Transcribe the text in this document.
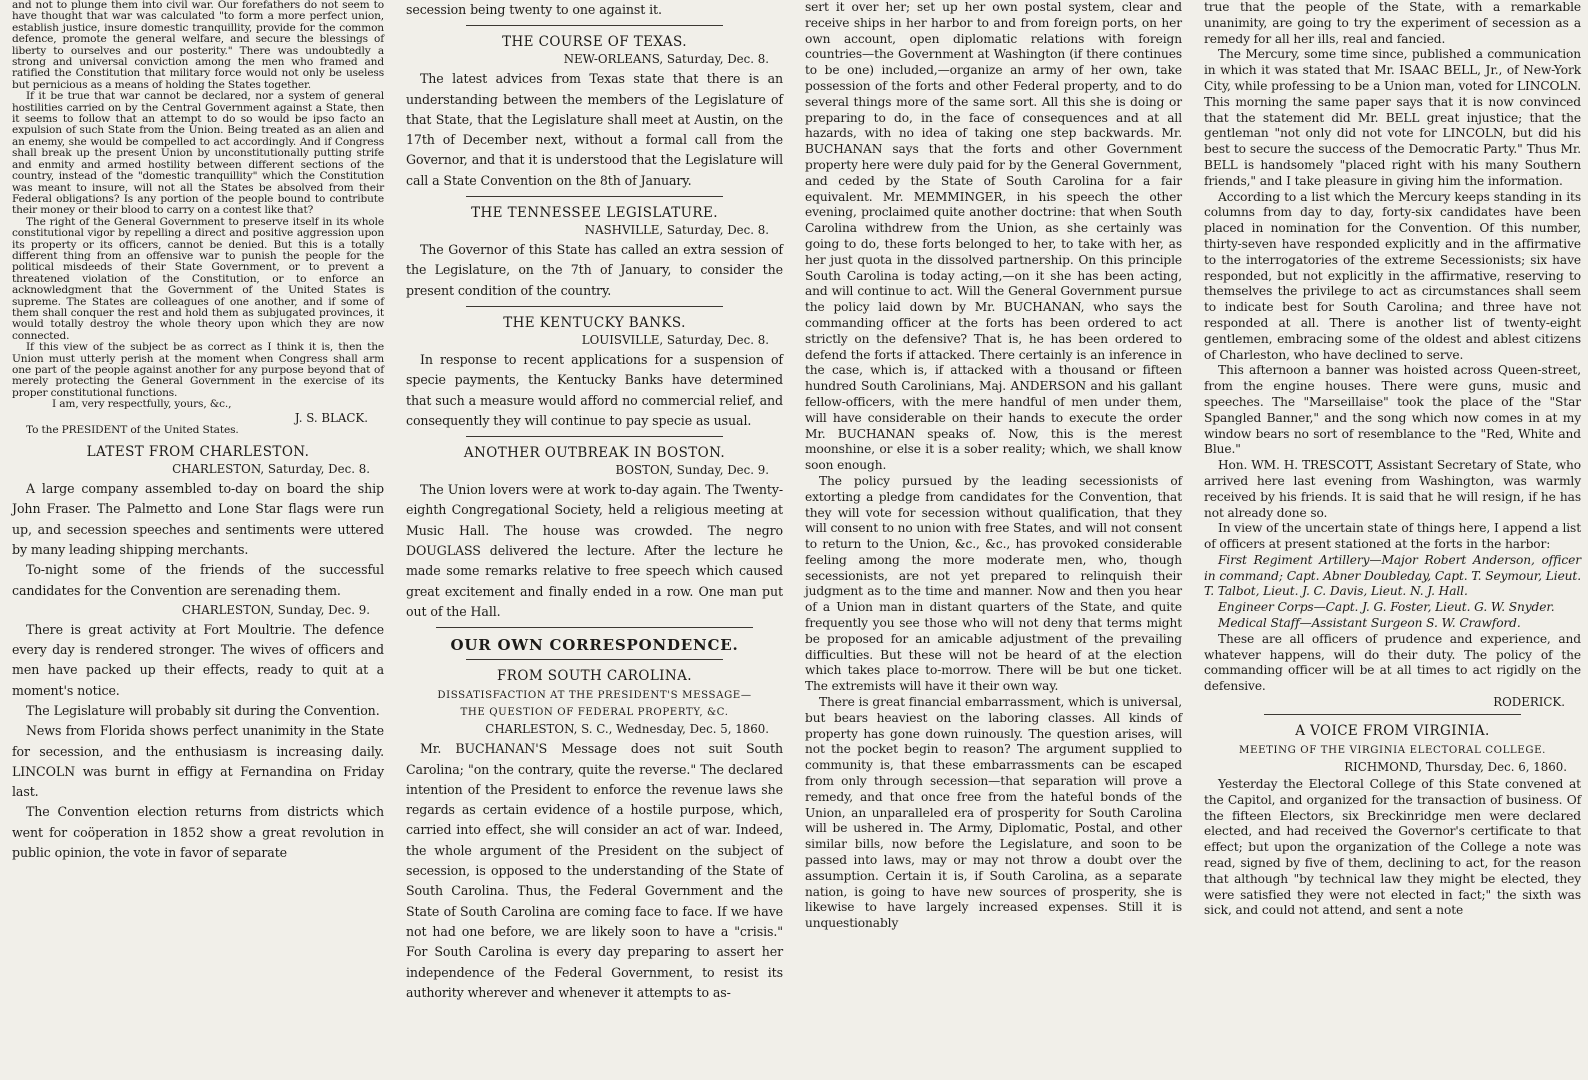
and not to plunge them into civil war. Our forefathers do not seem to have thought that war was calculated "to form a more perfect union, establish justice, insure domestic tranquillity, provide for the common defence, promote the general welfare, and secure the blessings of liberty to ourselves and our posterity." There was undoubtedly a strong and universal conviction among the men who framed and ratified the Constitution that military force would not only be useless but pernicious as a means of holding the States together.

If it be true that war cannot be declared, nor a system of general hostilities carried on by the Central Government against a State, then it seems to follow that an attempt to do so would be ipso facto an expulsion of such State from the Union. Being treated as an alien and an enemy, she would be compelled to act accordingly. And if Congress shall break up the present Union by unconstitutionally putting strife and enmity and armed hostility between different sections of the country, instead of the "domestic tranquillity" which the Constitution was meant to insure, will not all the States be absolved from their Federal obligations? Is any portion of the people bound to contribute their money or their blood to carry on a contest like that?

The right of the General Government to preserve itself in its whole constitutional vigor by repelling a direct and positive aggression upon its property or its officers, cannot be denied. But this is a totally different thing from an offensive war to punish the people for the political misdeeds of their State Government, or to prevent a threatened violation of the Constitution, or to enforce an acknowledgment that the Government of the United States is supreme. The States are colleagues of one another, and if some of them shall conquer the rest and hold them as subjugated provinces, it would totally destroy the whole theory upon which they are now connected.

If this view of the subject be as correct as I think it is, then the Union must utterly perish at the moment when Congress shall arm one part of the people against another for any purpose beyond that of merely protecting the General Government in the exercise of its proper constitutional functions.

I am, very respectfully, yours, &c.,

J. S. BLACK.

To the PRESIDENT of the United States.

LATEST FROM CHARLESTON.
CHARLESTON, Saturday, Dec. 8.

A large company assembled to-day on board the ship John Fraser. The Palmetto and Lone Star flags were run up, and secession speeches and sentiments were uttered by many leading shipping merchants.

To-night some of the friends of the successful candidates for the Convention are serenading them.

CHARLESTON, Sunday, Dec. 9.

There is great activity at Fort Moultrie. The defence every day is rendered stronger. The wives of officers and men have packed up their effects, ready to quit at a moment's notice.

The Legislature will probably sit during the Convention.

News from Florida shows perfect unanimity in the State for secession, and the enthusiasm is increasing daily. LINCOLN was burnt in effigy at Fernandina on Friday last.

The Convention election returns from districts which went for coöperation in 1852 show a great revolution in public opinion, the vote in favor of separate

secession being twenty to one against it.

THE COURSE OF TEXAS.
NEW-ORLEANS, Saturday, Dec. 8.

The latest advices from Texas state that there is an understanding between the members of the Legislature of that State, that the Legislature shall meet at Austin, on the 17th of December next, without a formal call from the Governor, and that it is understood that the Legislature will call a State Convention on the 8th of January.

THE TENNESSEE LEGISLATURE.
NASHVILLE, Saturday, Dec. 8.

The Governor of this State has called an extra session of the Legislature, on the 7th of January, to consider the present condition of the country.

THE KENTUCKY BANKS.
LOUISVILLE, Saturday, Dec. 8.

In response to recent applications for a suspension of specie payments, the Kentucky Banks have determined that such a measure would afford no commercial relief, and consequently they will continue to pay specie as usual.

ANOTHER OUTBREAK IN BOSTON.
BOSTON, Sunday, Dec. 9.

The Union lovers were at work to-day again. The Twenty-eighth Congregational Society, held a religious meeting at Music Hall. The house was crowded. The negro DOUGLASS delivered the lecture. After the lecture he made some remarks relative to free speech which caused great excitement and finally ended in a row. One man put out of the Hall.

OUR OWN CORRESPONDENCE.
FROM SOUTH CAROLINA.
DISSATISFACTION AT THE PRESIDENT'S MESSAGE—
THE QUESTION OF FEDERAL PROPERTY, &C.
CHARLESTON, S. C., Wednesday, Dec. 5, 1860.

Mr. BUCHANAN'S Message does not suit South Carolina; "on the contrary, quite the reverse." The declared intention of the President to enforce the revenue laws she regards as certain evidence of a hostile purpose, which, carried into effect, she will consider an act of war. Indeed, the whole argument of the President on the subject of secession, is opposed to the understanding of the State of South Carolina. Thus, the Federal Government and the State of South Carolina are coming face to face. If we have not had one before, we are likely soon to have a "crisis." For South Carolina is every day preparing to assert her independence of the Federal Government, to resist its authority wherever and whenever it attempts to as-

sert it over her; set up her own postal system, clear and receive ships in her harbor to and from foreign ports, on her own account, open diplomatic relations with foreign countries—the Government at Washington (if there continues to be one) included,—organize an army of her own, take possession of the forts and other Federal property, and to do several things more of the same sort. All this she is doing or preparing to do, in the face of consequences and at all hazards, with no idea of taking one step backwards. Mr. BUCHANAN says that the forts and other Government property here were duly paid for by the General Government, and ceded by the State of South Carolina for a fair equivalent. Mr. MEMMINGER, in his speech the other evening, proclaimed quite another doctrine: that when South Carolina withdrew from the Union, as she certainly was going to do, these forts belonged to her, to take with her, as her just quota in the dissolved partnership. On this principle South Carolina is today acting,—on it she has been acting, and will continue to act. Will the General Government pursue the policy laid down by Mr. BUCHANAN, who says the commanding officer at the forts has been ordered to act strictly on the defensive? That is, he has been ordered to defend the forts if attacked. There certainly is an inference in the case, which is, if attacked with a thousand or fifteen hundred South Carolinians, Maj. ANDERSON and his gallant fellow-officers, with the mere handful of men under them, will have considerable on their hands to execute the order Mr. BUCHANAN speaks of. Now, this is the merest moonshine, or else it is a sober reality; which, we shall know soon enough.

The policy pursued by the leading secessionists of extorting a pledge from candidates for the Convention, that they will vote for secession without qualification, that they will consent to no union with free States, and will not consent to return to the Union, &c., &c., has provoked considerable feeling among the more moderate men, who, though secessionists, are not yet prepared to relinquish their judgment as to the time and manner. Now and then you hear of a Union man in distant quarters of the State, and quite frequently you see those who will not deny that terms might be proposed for an amicable adjustment of the prevailing difficulties. But these will not be heard of at the election which takes place to-morrow. There will be but one ticket. The extremists will have it their own way.

There is great financial embarrassment, which is universal, but bears heaviest on the laboring classes. All kinds of property has gone down ruinously. The question arises, will not the pocket begin to reason? The argument supplied to community is, that these embarrassments can be escaped from only through secession—that separation will prove a remedy, and that once free from the hateful bonds of the Union, an unparalleled era of prosperity for South Carolina will be ushered in. The Army, Diplomatic, Postal, and other similar bills, now before the Legislature, and soon to be passed into laws, may or may not throw a doubt over the assumption. Certain it is, if South Carolina, as a separate nation, is going to have new sources of prosperity, she is likewise to have largely increased expenses. Still it is unquestionably

true that the people of the State, with a remarkable unanimity, are going to try the experiment of secession as a remedy for all her ills, real and fancied.

The Mercury, some time since, published a communication in which it was stated that Mr. ISAAC BELL, Jr., of New-York City, while professing to be a Union man, voted for LINCOLN. This morning the same paper says that it is now convinced that the statement did Mr. BELL great injustice; that the gentleman "not only did not vote for LINCOLN, but did his best to secure the success of the Democratic Party." Thus Mr. BELL is handsomely "placed right with his many Southern friends," and I take pleasure in giving him the information.

According to a list which the Mercury keeps standing in its columns from day to day, forty-six candidates have been placed in nomination for the Convention. Of this number, thirty-seven have responded explicitly and in the affirmative to the interrogatories of the extreme Secessionists; six have responded, but not explicitly in the affirmative, reserving to themselves the privilege to act as circumstances shall seem to indicate best for South Carolina; and three have not responded at all. There is another list of twenty-eight gentlemen, embracing some of the oldest and ablest citizens of Charleston, who have declined to serve.

This afternoon a banner was hoisted across Queen-street, from the engine houses. There were guns, music and speeches. The "Marseillaise" took the place of the "Star Spangled Banner," and the song which now comes in at my window bears no sort of resemblance to the "Red, White and Blue."

Hon. WM. H. TRESCOTT, Assistant Secretary of State, who arrived here last evening from Washington, was warmly received by his friends. It is said that he will resign, if he has not already done so.

In view of the uncertain state of things here, I append a list of officers at present stationed at the forts in the harbor:

First Regiment Artillery—Major Robert Anderson, officer in command; Capt. Abner Doubleday, Capt. T. Seymour, Lieut. T. Talbot, Lieut. J. C. Davis, Lieut. N. J. Hall.

Engineer Corps—Capt. J. G. Foster, Lieut. G. W. Snyder.

Medical Staff—Assistant Surgeon S. W. Crawford.

These are all officers of prudence and experience, and whatever happens, will do their duty. The policy of the commanding officer will be at all times to act rigidly on the defensive.

RODERICK.
A VOICE FROM VIRGINIA.
MEETING OF THE VIRGINIA ELECTORAL COLLEGE.
RICHMOND, Thursday, Dec. 6, 1860.

Yesterday the Electoral College of this State convened at the Capitol, and organized for the transaction of business. Of the fifteen Electors, six Breckinridge men were declared elected, and had received the Governor's certificate to that effect; but upon the organization of the College a note was read, signed by five of them, declining to act, for the reason that although "by technical law they might be elected, they were satisfied they were not elected in fact;" the sixth was sick, and could not attend, and sent a note
